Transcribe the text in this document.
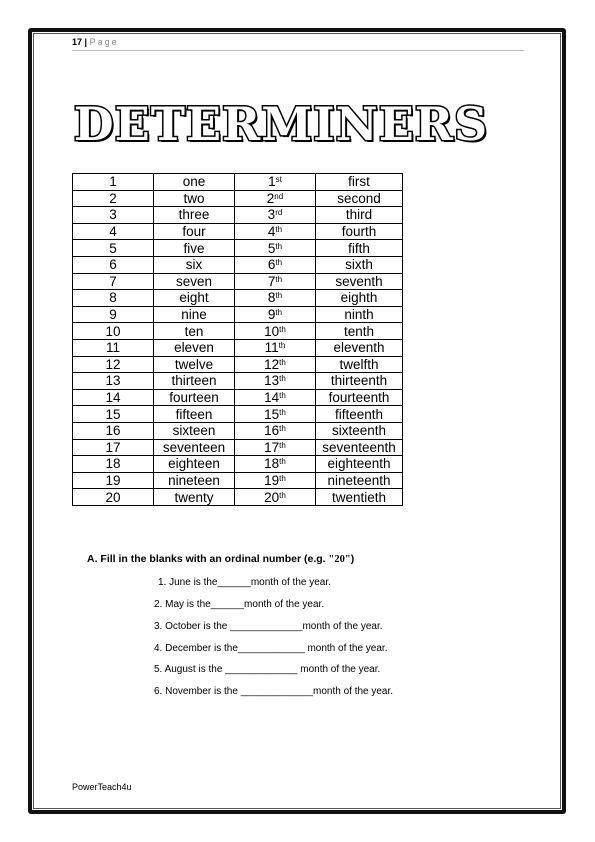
17 | Page
DETERMINERS
1	one	1st	first
2	two	2nd	second
3	three	3rd	third
4	four	4th	fourth
5	five	5th	fifth
6	six	6th	sixth
7	seven	7th	seventh
8	eight	8th	eighth
9	nine	9th	ninth
10	ten	10th	tenth
11	eleven	11th	eleventh
12	twelve	12th	twelfth
13	thirteen	13th	thirteenth
14	fourteen	14th	fourteenth
15	fifteen	15th	fifteenth
16	sixteen	16th	sixteenth
17	seventeen	17th	seventeenth
18	eighteen	18th	eighteenth
19	nineteen	19th	nineteenth
20	twenty	20th	twentieth
A. Fill in the blanks with an ordinal number (e.g. "20")
1. June is the______month of the year.
2. May is the______month of the year.
3. October is the _____________month of the year.
4. December is the____________ month of the year.
5. August is the _____________ month of the year.
6. November is the _____________month of the year.
PowerTeach4u
